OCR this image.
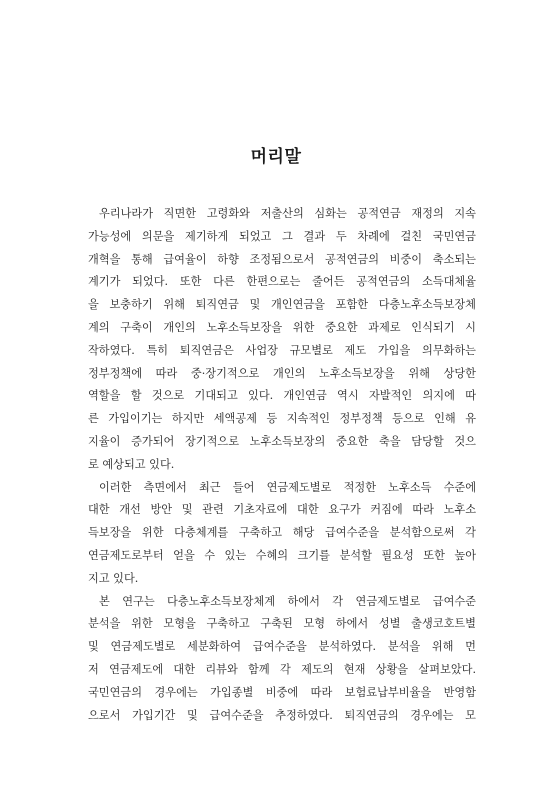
머리말
우리나라가 직면한 고령화와 저출산의 심화는 공적연금 재정의 지속
가능성에 의문을 제기하게 되었고 그 결과 두 차례에 걸친 국민연금
개혁을 통해 급여율이 하향 조정됨으로서 공적연금의 비중이 축소되는
계기가 되었다. 또한 다른 한편으로는 줄어든 공적연금의 소득대체율
을 보충하기 위해 퇴직연금 및 개인연금을 포함한 다층노후소득보장체
계의 구축이 개인의 노후소득보장을 위한 중요한 과제로 인식되기 시
작하였다. 특히 퇴직연금은 사업장 규모별로 제도 가입을 의무화하는
정부정책에 따라 중·장기적으로 개인의 노후소득보장을 위해 상당한
역할을 할 것으로 기대되고 있다. 개인연금 역시 자발적인 의지에 따
른 가입이기는 하지만 세액공제 등 지속적인 정부정책 등으로 인해 유
지율이 증가되어 장기적으로 노후소득보장의 중요한 축을 담당할 것으
로 예상되고 있다.
이러한 측면에서 최근 들어 연금제도별로 적정한 노후소득 수준에
대한 개선 방안 및 관련 기초자료에 대한 요구가 커짐에 따라 노후소
득보장을 위한 다층체계를 구축하고 해당 급여수준을 분석함으로써 각
연금제도로부터 얻을 수 있는 수혜의 크기를 분석할 필요성 또한 높아
지고 있다.
본 연구는 다층노후소득보장체계 하에서 각 연금제도별로 급여수준
분석을 위한 모형을 구축하고 구축된 모형 하에서 성별 출생코호트별
및 연금제도별로 세분화하여 급여수준을 분석하였다. 분석을 위해 먼
저 연금제도에 대한 리뷰와 함께 각 제도의 현재 상황을 살펴보았다.
국민연금의 경우에는 가입종별 비중에 따라 보험료납부비율을 반영함
으로서 가입기간 및 급여수준을 추정하였다. 퇴직연금의 경우에는 모
